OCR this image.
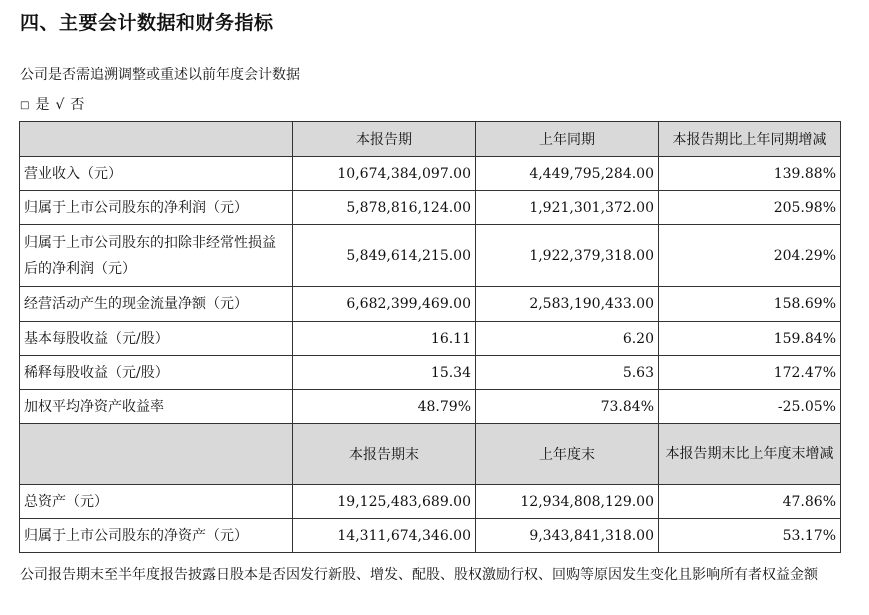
四、主要会计数据和财务指标
公司是否需追溯调整或重述以前年度会计数据
□ 是 √ 否
	本报告期	上年同期	本报告期比上年同期增减
营业收入（元）	10,674,384,097.00	4,449,795,284.00	139.88%
归属于上市公司股东的净利润（元）	5,878,816,124.00	1,921,301,372.00	205.98%
归属于上市公司股东的扣除非经常性损益后的净利润（元）	5,849,614,215.00	1,922,379,318.00	204.29%
经营活动产生的现金流量净额（元）	6,682,399,469.00	2,583,190,433.00	158.69%
基本每股收益（元/股）	16.11	6.20	159.84%
稀释每股收益（元/股）	15.34	5.63	172.47%
加权平均净资产收益率	48.79%	73.84%	-25.05%
	本报告期末	上年度末	本报告期末比上年度末增减
总资产（元）	19,125,483,689.00	12,934,808,129.00	47.86%
归属于上市公司股东的净资产（元）	14,311,674,346.00	9,343,841,318.00	53.17%
公司报告期末至半年度报告披露日股本是否因发行新股、增发、配股、股权激励行权、回购等原因发生变化且影响所有者权益金额
